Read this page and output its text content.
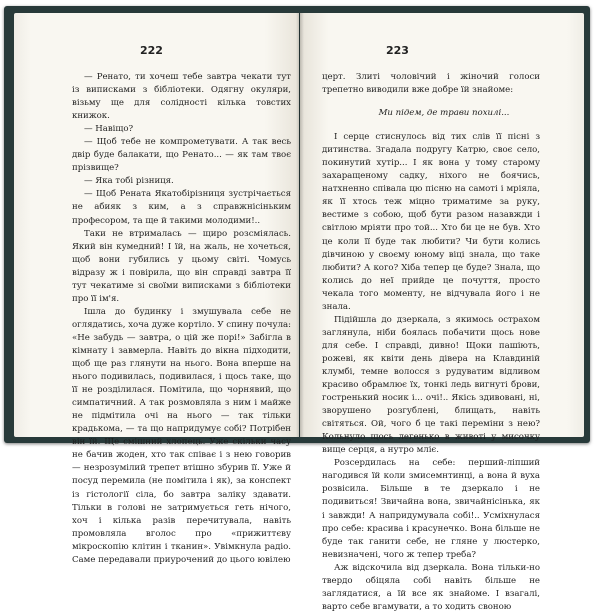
222

— Ренато, ти хочеш тебе завтра чекати тут із виписками з бібліотеки. Одягну окуляри, візьму ще для солідності кілька товстих книжок.

— Навіщо?

— Щоб тебе не компрометувати. А так весь двір буде балакати, що Ренато... — як там твоє прізвище?

— Яка тобі різниця.

— Щоб Рената Якатобірізниця зустрічається не абияк з ким, а з справжнісіньким професором, та ще й такими молодими!..

Таки не втрималась — щиро розсміялась. Який він кумедний! І їй, на жаль, не хочеться, щоб вони губились у цьому світі. Чомусь відразу ж і повірила, що він справді завтра її тут чекатиме зі своїми виписками з бібліотеки про її ім'я.

Ішла до будинку і змушувала себе не оглядатись, хоча дуже кортіло. У спину почула: «Не забудь — завтра, о цій же порі!» Забігла в кімнату і завмерла. Навіть до вікна підходити, щоб ще раз глянути на нього. Вона вперше на нього подивилась, подивилася, і щось таке, що її не розділилася. Помітила, що чорнявий, що симпатичний. А так розмовляла з ним і майже не підмітила очі на нього — так тільки крадькома, — та що напридумує собі? Потрібен він їй. Ще смішний хлопець. Уже скільки часу не бачив жоден, хто так співає і з нею говорив — незрозумілий трепет втішно збурив її. Уже й посуд перемила (не помітила і як), за конспект із гістології сіла, бо завтра заліку здавати. Тільки в голові не затримується геть нічого, хоч і кілька разів перечитувала, навіть промовляла вголос про «прижиттєву мікроскопію клітин і тканин». Увімкнула радіо. Саме передавали приурочений до цього ювілею

223

церт. Злиті чоловічий і жіночий голоси трепетно виводили вже добре їй знайоме:

Ми підем, де трави похилі...

І серце стиснулось від тих слів її пісні з дитинства. Згадала подругу Катрю, своє село, покинутий хутір... І як вона у тому старому захаращеному садку, ніхого не боячись, натхненно співала цю пісню на самоті і мріяла, як її хтось теж міцно триматиме за руку, вестиме з собою, щоб бути разом назавжди і світлою мріяти про той... Хто би це не був. Хто це коли її буде так любити? Чи бути колись дівчиною у своєму юному віці знала, що таке любити? А кого? Хіба тепер це буде? Знала, що колись до неї прийде це почуття, просто чекала того моменту, не відчувала його і не знала.

Підійшла до дзеркала, з якимось острахом заглянула, ніби боялась побачити щось нове для себе. І справді, дивно! Щоки пашіють, рожеві, як квіти день дівера на Клавдиній клумбі, темне волосся з рудуватим відливом красиво обрамлює їх, тонкі ледь вигнуті брови, гостренький носик і... очі!.. Якісь здивовані, ні, зворушено розгублені, блищать, навіть світяться. Ой, чого б це такі переміни з нею? Кольнуло щось легенько в животі у мисочку вище серця, а нутро мліє.

Розсердилась на себе: перший-ліпший нагодився їй коли змисемнтинці, а вона й вуха розвісила. Більше в те дзеркало і не подивиться! Звичайна вона, звичайнісінька, як і завжди! А напридумувала собі!.. Усміхнулася про себе: красива і красунечко. Вона більше не буде так ганити себе, не гляне у люстерко, невизначені, чого ж тепер треба?

Аж відскочила від дзеркала. Вона тільки-но твердо обіцяла собі навіть більше не заглядатися, а їй все як знайоме. І взагалі, варто себе вгамувати, а то ходить своною
